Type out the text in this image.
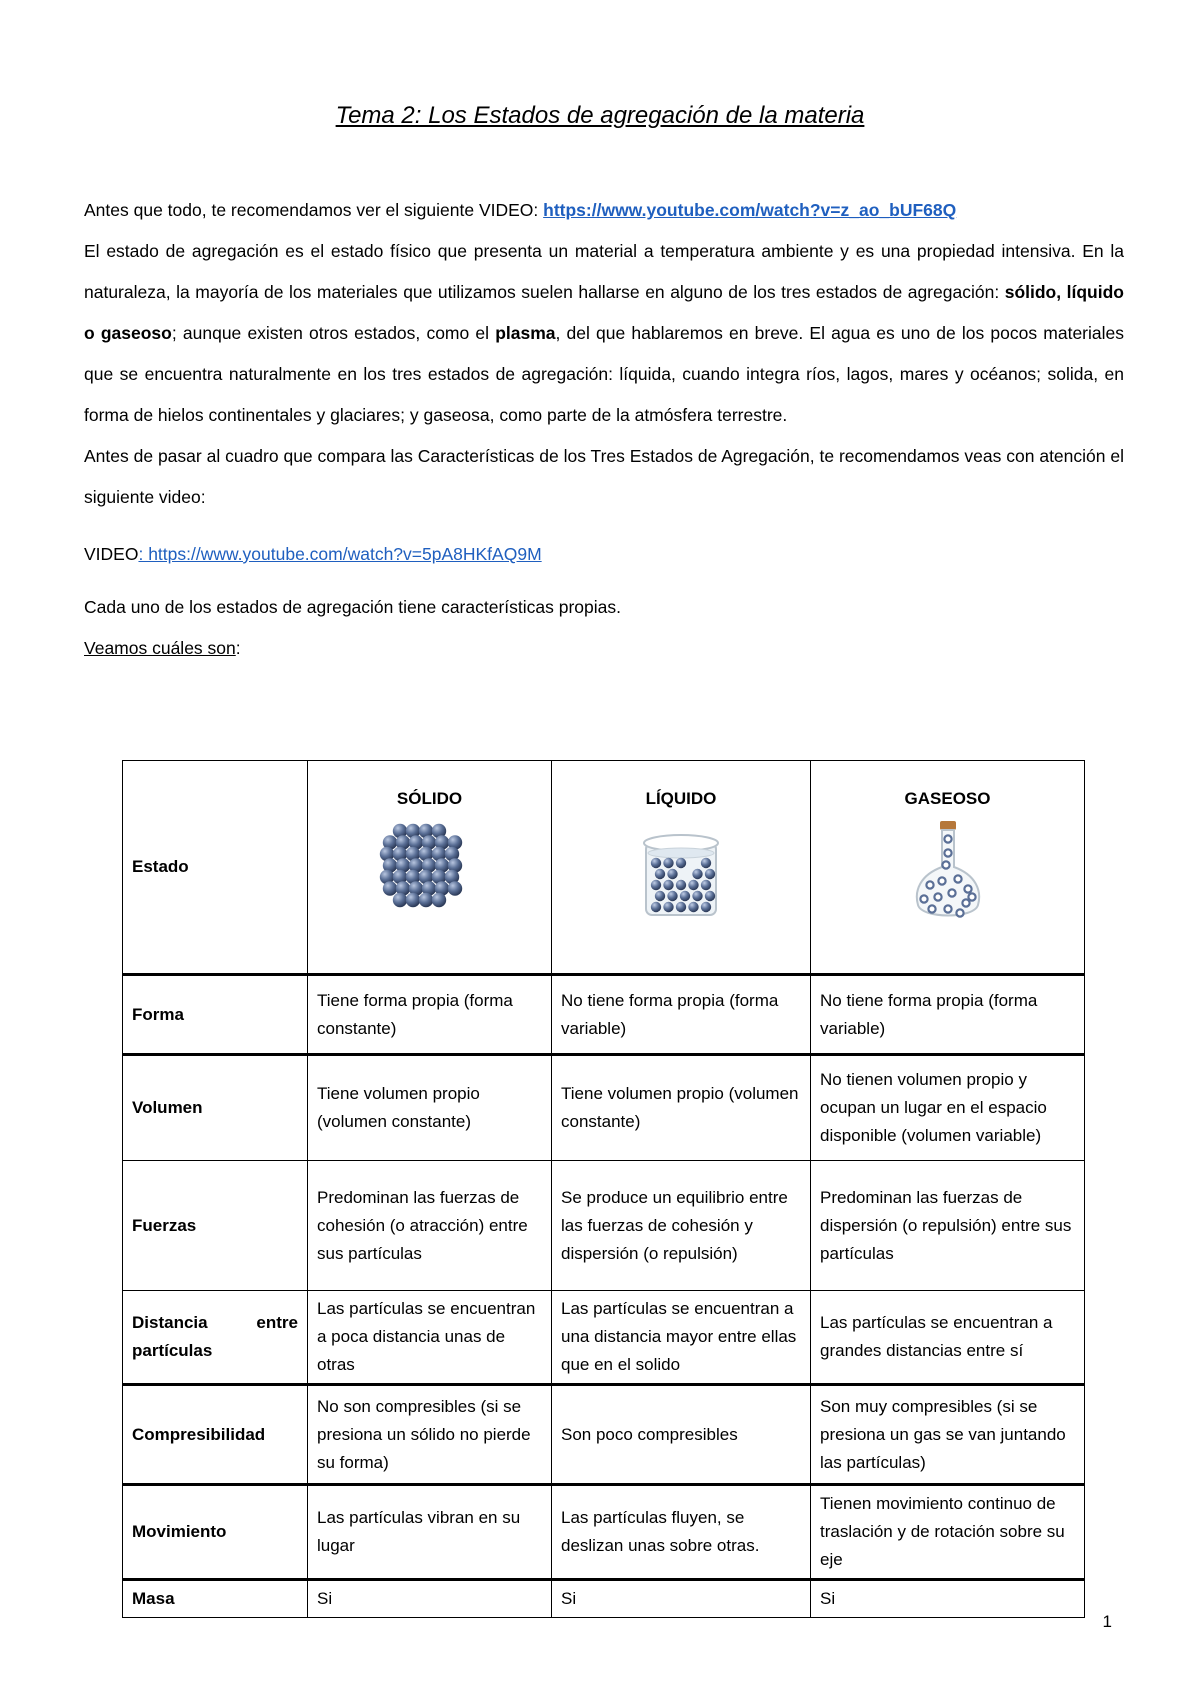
Tema 2: Los Estados de agregación de la materia

Antes que todo, te recomendamos ver el siguiente VIDEO: https://www.youtube.com/watch?v=z_ao_bUF68Q

El estado de agregación es el estado físico que presenta un material a temperatura ambiente y es una propiedad intensiva. En la naturaleza, la mayoría de los materiales que utilizamos suelen hallarse en alguno de los tres estados de agregación: sólido, líquido o gaseoso; aunque existen otros estados, como el plasma, del que hablaremos en breve. El agua es uno de los pocos materiales que se encuentra naturalmente en los tres estados de agregación: líquida, cuando integra ríos, lagos, mares y océanos; solida, en forma de hielos continentales y glaciares; y gaseosa, como parte de la atmósfera terrestre.

Antes de pasar al cuadro que compara las Características de los Tres Estados de Agregación, te recomendamos veas con atención el siguiente video:

VIDEO: https://www.youtube.com/watch?v=5pA8HKfAQ9M

Cada uno de los estados de agregación tiene características propias.

Veamos cuáles son:

Estado	SÓLIDO	LÍQUIDO	GASEOSO

Forma	Tiene forma propia (forma constante)	No tiene forma propia (forma variable)	No tiene forma propia (forma variable)
Volumen	Tiene volumen propio (volumen constante)	Tiene volumen propio (volumen constante)	No tienen volumen propio y ocupan un lugar en el espacio disponible (volumen variable)
Fuerzas	Predominan las fuerzas de cohesión (o atracción) entre sus partículas	Se produce un equilibrio entre las fuerzas de cohesión y dispersión (o repulsión)	Predominan las fuerzas de dispersión (o repulsión) entre sus partículas

Distancia entre
partículas	Las partículas se encuentran a poca distancia unas de otras	Las partículas se encuentran a una distancia mayor entre ellas que en el solido	Las partículas se encuentran a grandes distancias entre sí
Compresibilidad	No son compresibles (si se presiona un sólido no pierde su forma)	Son poco compresibles	Son muy compresibles (si se presiona un gas se van juntando las partículas)
Movimiento	Las partículas vibran en su lugar	Las partículas fluyen, se deslizan unas sobre otras.	Tienen movimiento continuo de traslación y de rotación sobre su eje
Masa	Si	Si	Si
1
